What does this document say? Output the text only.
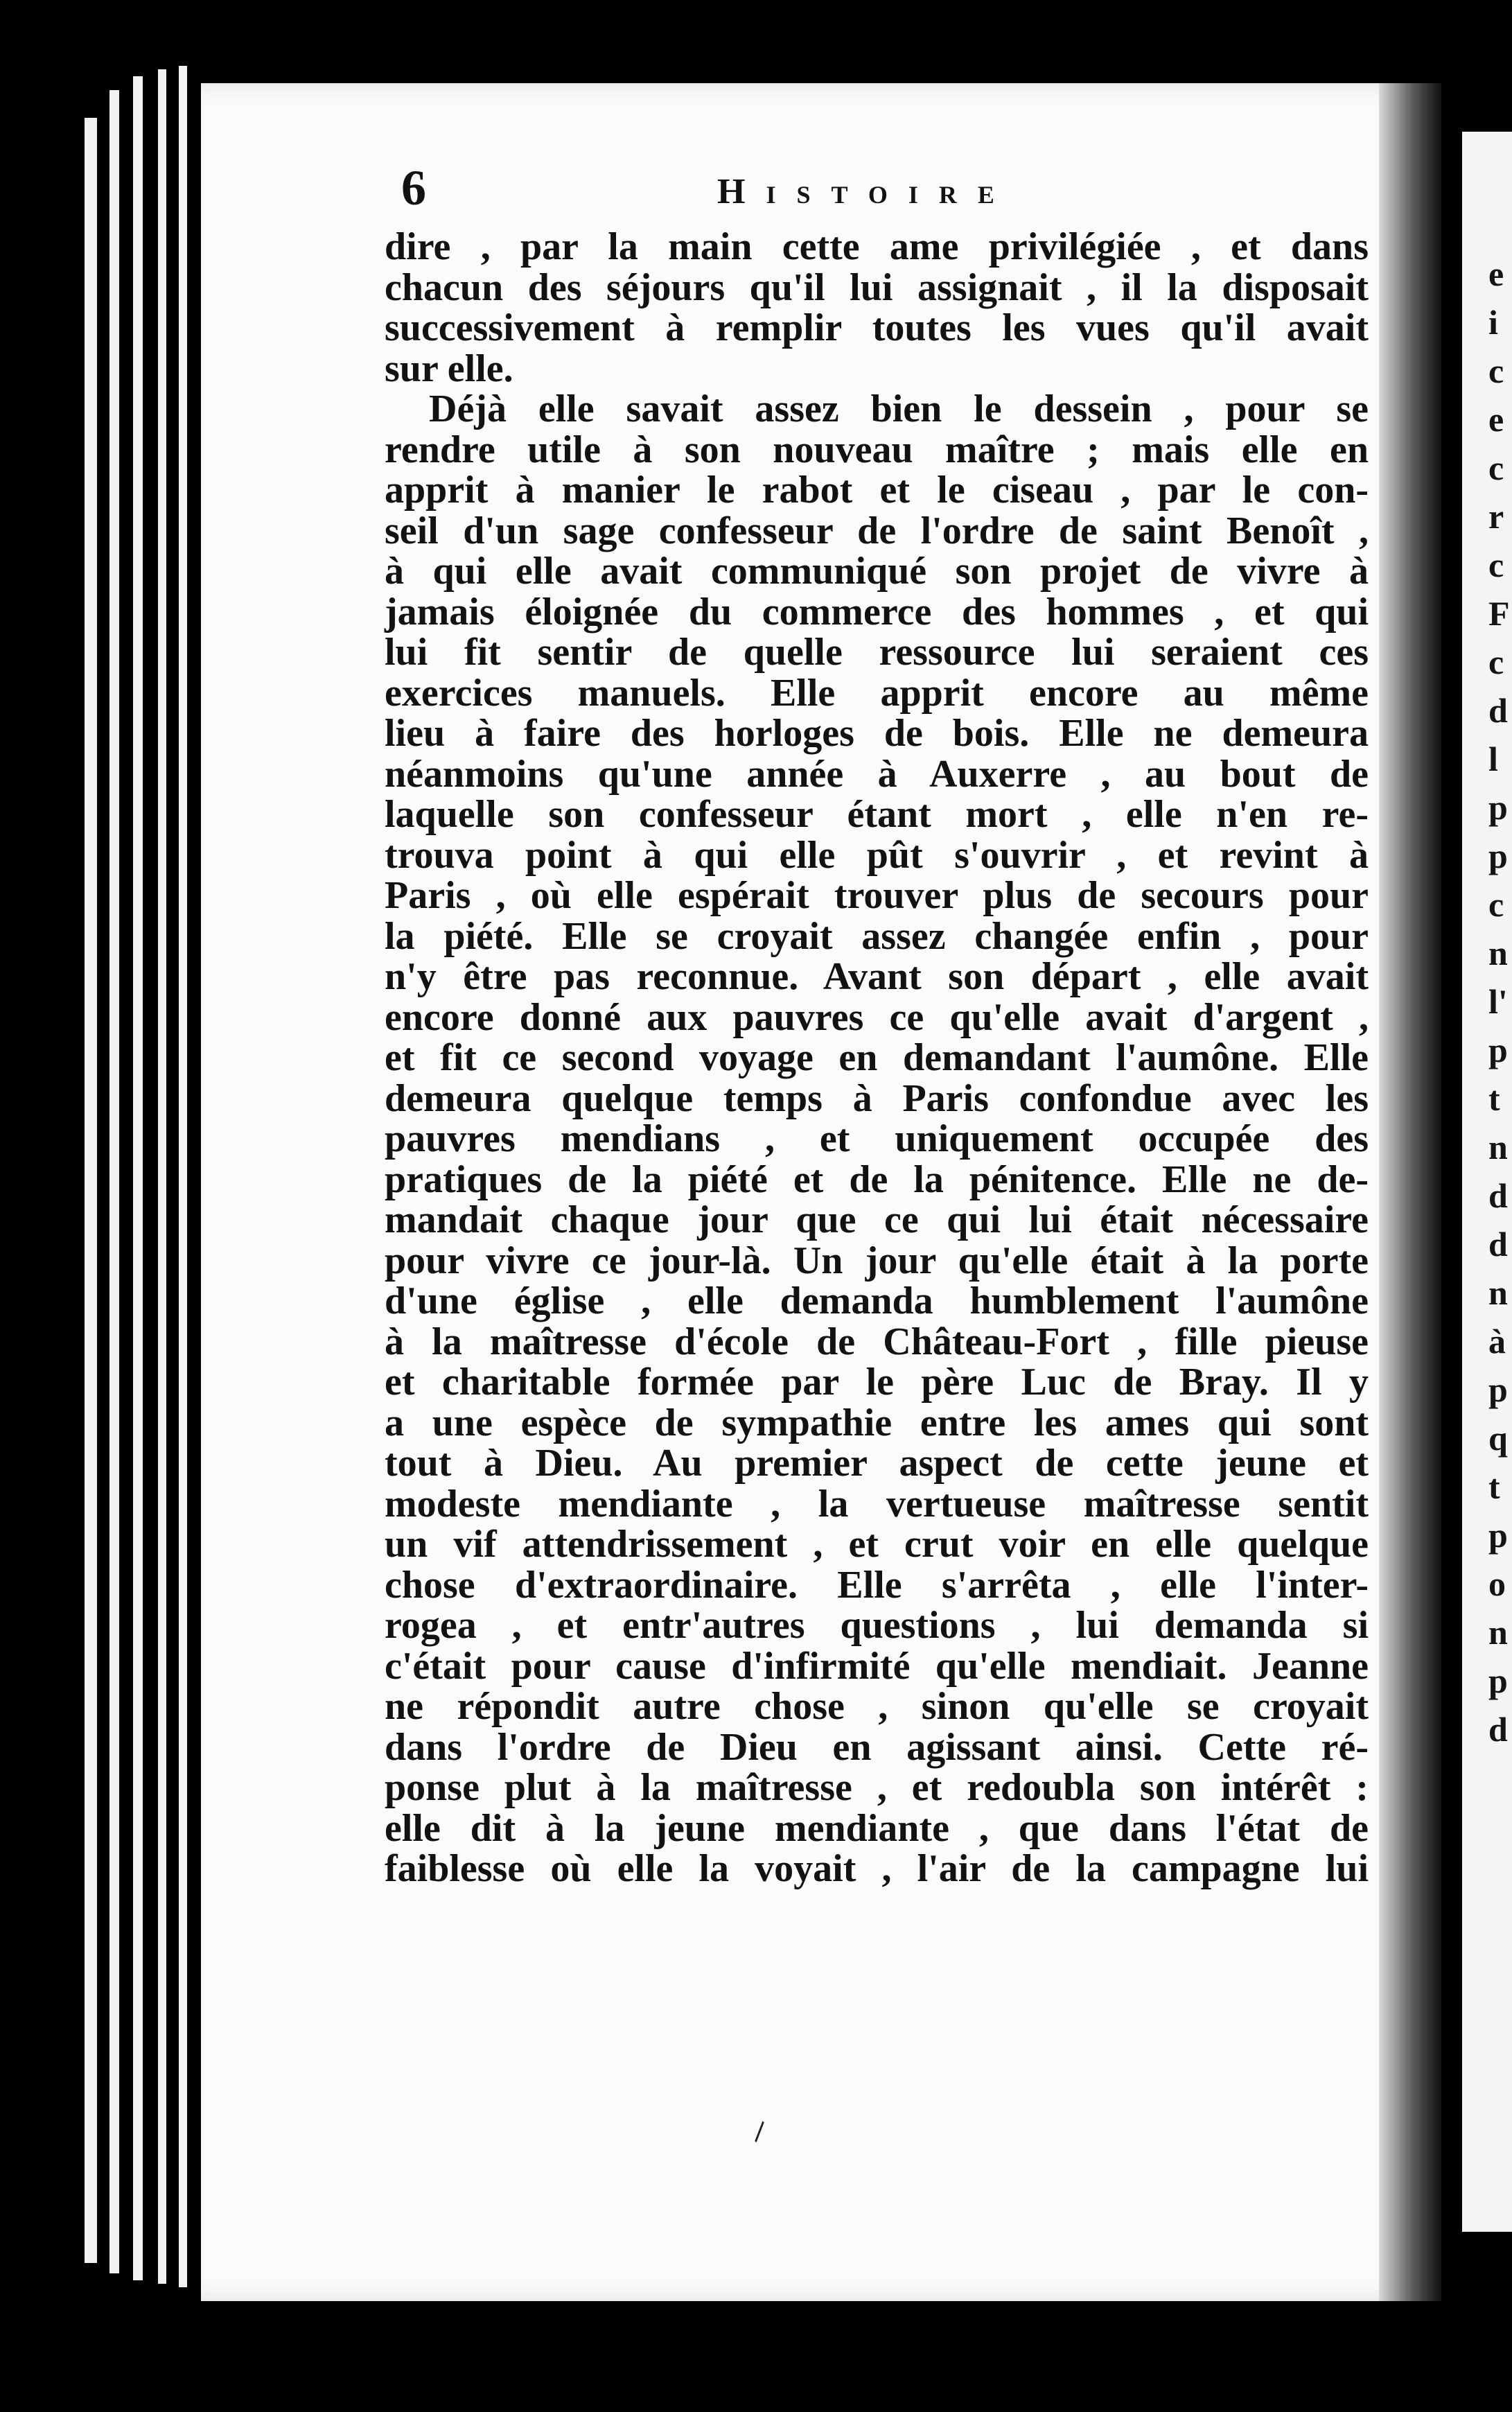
e
i
c
e
c
r
c
F
c
d
l
p
p
c
n
l'
p
t
n
d
d
n
à
p
q
t
p
o
n
p
d
6	Histoire
dire , par la main cette ame privilégiée , et dans
chacun des séjours qu'il lui assignait , il la disposait
successivement à remplir toutes les vues qu'il avait
sur elle.
Déjà elle savait assez bien le dessein , pour se
rendre utile à son nouveau maître ; mais elle en
apprit à manier le rabot et le ciseau , par le con-
seil d'un sage confesseur de l'ordre de saint Benoît ,
à qui elle avait communiqué son projet de vivre à
jamais éloignée du commerce des hommes , et qui
lui fit sentir de quelle ressource lui seraient ces
exercices manuels. Elle apprit encore au même
lieu à faire des horloges de bois. Elle ne demeura
néanmoins qu'une année à Auxerre , au bout de
laquelle son confesseur étant mort , elle n'en re-
trouva point à qui elle pût s'ouvrir , et revint à
Paris , où elle espérait trouver plus de secours pour
la piété. Elle se croyait assez changée enfin , pour
n'y être pas reconnue. Avant son départ , elle avait
encore donné aux pauvres ce qu'elle avait d'argent ,
et fit ce second voyage en demandant l'aumône. Elle
demeura quelque temps à Paris confondue avec les
pauvres mendians , et uniquement occupée des
pratiques de la piété et de la pénitence. Elle ne de-
mandait chaque jour que ce qui lui était nécessaire
pour vivre ce jour-là. Un jour qu'elle était à la porte
d'une église , elle demanda humblement l'aumône
à la maîtresse d'école de Château-Fort , fille pieuse
et charitable formée par le père Luc de Bray. Il y
a une espèce de sympathie entre les ames qui sont
tout à Dieu. Au premier aspect de cette jeune et
modeste mendiante , la vertueuse maîtresse sentit
un vif attendrissement , et crut voir en elle quelque
chose d'extraordinaire. Elle s'arrêta , elle l'inter-
rogea , et entr'autres questions , lui demanda si
c'était pour cause d'infirmité qu'elle mendiait. Jeanne
ne répondit autre chose , sinon qu'elle se croyait
dans l'ordre de Dieu en agissant ainsi. Cette ré-
ponse plut à la maîtresse , et redoubla son intérêt :
elle dit à la jeune mendiante , que dans l'état de
faiblesse où elle la voyait , l'air de la campagne lui
\
